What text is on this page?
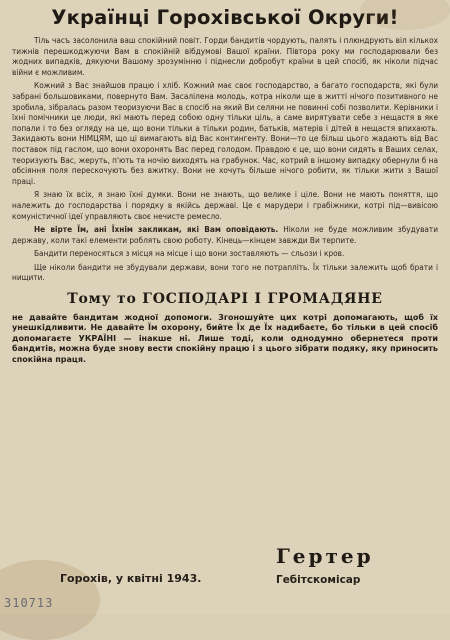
Українці Горохівської Округи!

Тіль часъ засолонила ваш спокійний повіт. Горди бандитів чордують, палять і плюндрують віл кількох тижнів перешкоджуючи Вам в спокійній вібдумові Вашої країни. Півтора року ми господарювали без жодних випадків, дякуючи Вашому зрозумінню і піднесли добробут країни в цей спосіб, як ніколи підчас війни є можливим.

Кожний з Вас знайшов працю і хліб. Кожний має своє господарство, а багато господарств, які були забрані большовиками, повернуто Вам. Засалілена молодь, котра ніколи ще в житті нічого позитивного не зробила, зібралась разом теоризуючи Вас в спосіб на який Ви селяни не повинні собі позволити. Керівники і їхні помічники це люди, які мають перед собою одну тільки ціль, а саме вирятувати себе з нещастя в яке попали і то без огляду на це, що вони тільки а тільки родин, батьків, матерів і дітей в нещастя впихають. Закидають вони НІМЦЯМ, що ці вимагають від Вас контингенту. Вони—то це більш цього жадають від Вас поставок під гаслом, що вони охоронять Вас перед голодом. Правдою є це, що вони сидять в Ваших селах, теоризують Вас, жеруть, п'ють та ночію виходять на грабунок. Час, котрий в іншому випадку обернули б на обсіяння поля перескочують без вжитку. Вони не хочуть більше нічого робити, як тільки жити з Вашої праці.

Я знаю їх всіх, я знаю їхні думки. Вони не знають, що велике і ціле. Вони не мають поняття, що належить до господарства і порядку в якійсь державі. Це є марудери і грабіжники, котрі під—вивісою комуністичної ідеї управляють своє нечисте ремесло.

Не вірте Їм, ані Їхнім закликам, які Вам оповідають. Ніколи не буде можливим збудувати державу, коли такі елементи роблять свою роботу. Кінець—кінцем завжди Ви терпите.

Бандити переносяться з місця на місце і що вони зоставляють — сльози і кров.

Ще ніколи бандити не збудували держави, вони того не потрапліть. Їх тільки залежить щоб брати і нищити.

Тому то ГОСПОДАРІ І ГРОМАДЯНЕ

не давайте бандитам жодної допомоги. Згоношуйте цих котрі допомагають, щоб їх унешкідливити. Не давайте Їм охорону, бийте Їх де Їх надибаєте, бо тільки в цей спосіб допомагаєте УКРАЇНІ — інакше ні. Лише тоді, коли однодумно обернетеся проти бандитів, можна буде знову вести спокійну працю і з цього зібрати подяку, яку приносить спокійна праця.

Гертер
Горохів, у квітні 1943.	Гебітскомісар
310713
